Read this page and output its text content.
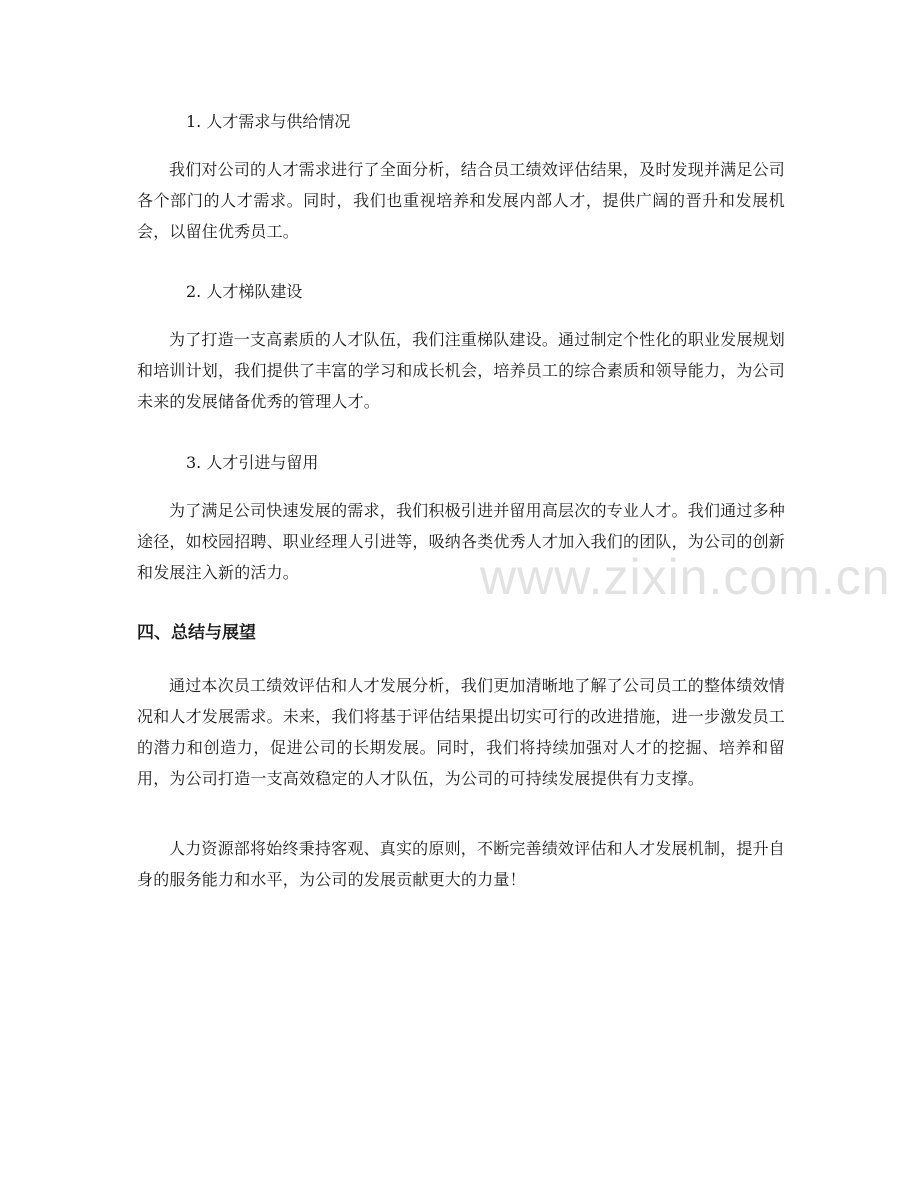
1. 人才需求与供给情况
我们对公司的人才需求进行了全面分析，结合员工绩效评估结果，及时发现并满足公司各个部门的人才需求。同时，我们也重视培养和发展内部人才，提供广阔的晋升和发展机会，以留住优秀员工。
2. 人才梯队建设
为了打造一支高素质的人才队伍，我们注重梯队建设。通过制定个性化的职业发展规划和培训计划，我们提供了丰富的学习和成长机会，培养员工的综合素质和领导能力，为公司未来的发展储备优秀的管理人才。
3. 人才引进与留用
为了满足公司快速发展的需求，我们积极引进并留用高层次的专业人才。我们通过多种途径，如校园招聘、职业经理人引进等，吸纳各类优秀人才加入我们的团队，为公司的创新和发展注入新的活力。	www.zixin.com.cn
四、总结与展望
通过本次员工绩效评估和人才发展分析，我们更加清晰地了解了公司员工的整体绩效情况和人才发展需求。未来，我们将基于评估结果提出切实可行的改进措施，进一步激发员工的潜力和创造力，促进公司的长期发展。同时，我们将持续加强对人才的挖掘、培养和留用，为公司打造一支高效稳定的人才队伍，为公司的可持续发展提供有力支撑。
人力资源部将始终秉持客观、真实的原则，不断完善绩效评估和人才发展机制，提升自身的服务能力和水平，为公司的发展贡献更大的力量！
